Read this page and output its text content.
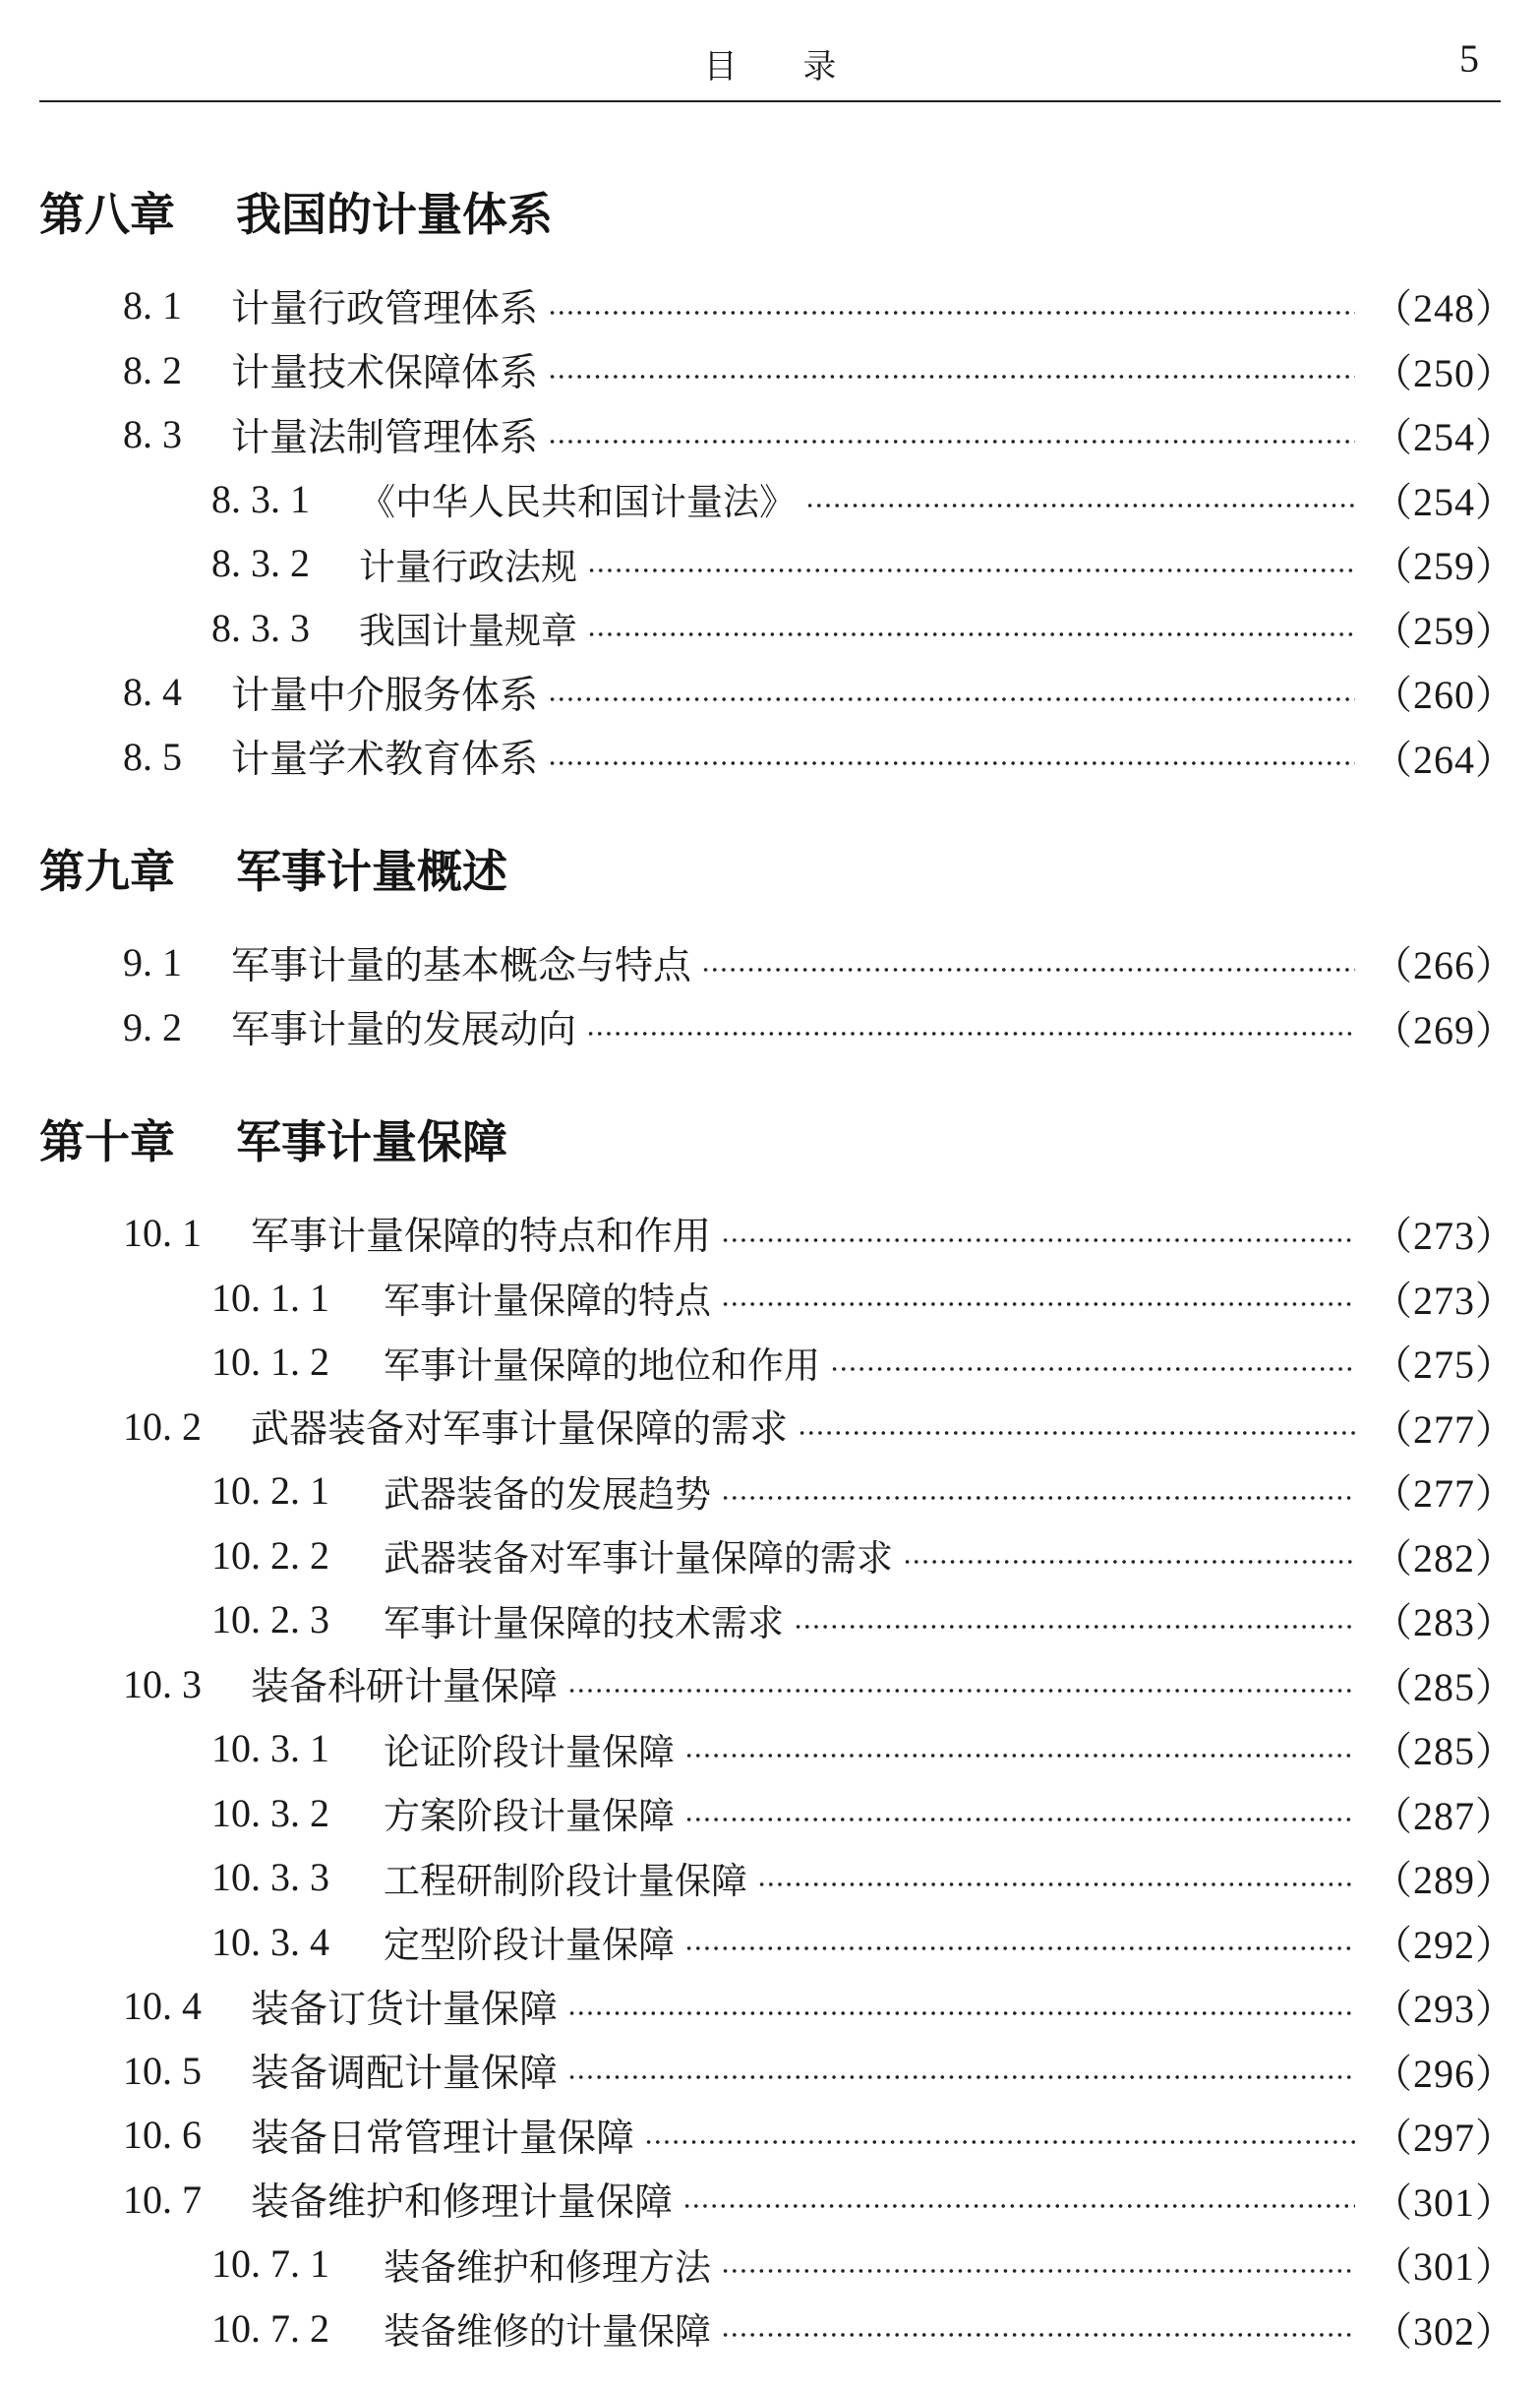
目 录	5
第八章	我国的计量体系
8. 1	计量行政管理体系	（248）
8. 2	计量技术保障体系	（250）
8. 3	计量法制管理体系	（254）
8. 3. 1	《中华人民共和国计量法》	（254）
8. 3. 2	计量行政法规	（259）
8. 3. 3	我国计量规章	（259）
8. 4	计量中介服务体系	（260）
8. 5	计量学术教育体系	（264）
第九章	军事计量概述
9. 1	军事计量的基本概念与特点	（266）
9. 2	军事计量的发展动向	（269）
第十章	军事计量保障
10. 1	军事计量保障的特点和作用	（273）
10. 1. 1	军事计量保障的特点	（273）
10. 1. 2	军事计量保障的地位和作用	（275）
10. 2	武器装备对军事计量保障的需求	（277）
10. 2. 1	武器装备的发展趋势	（277）
10. 2. 2	武器装备对军事计量保障的需求	（282）
10. 2. 3	军事计量保障的技术需求	（283）
10. 3	装备科研计量保障	（285）
10. 3. 1	论证阶段计量保障	（285）
10. 3. 2	方案阶段计量保障	（287）
10. 3. 3	工程研制阶段计量保障	（289）
10. 3. 4	定型阶段计量保障	（292）
10. 4	装备订货计量保障	（293）
10. 5	装备调配计量保障	（296）
10. 6	装备日常管理计量保障	（297）
10. 7	装备维护和修理计量保障	（301）
10. 7. 1	装备维护和修理方法	（301）
10. 7. 2	装备维修的计量保障	（302）
